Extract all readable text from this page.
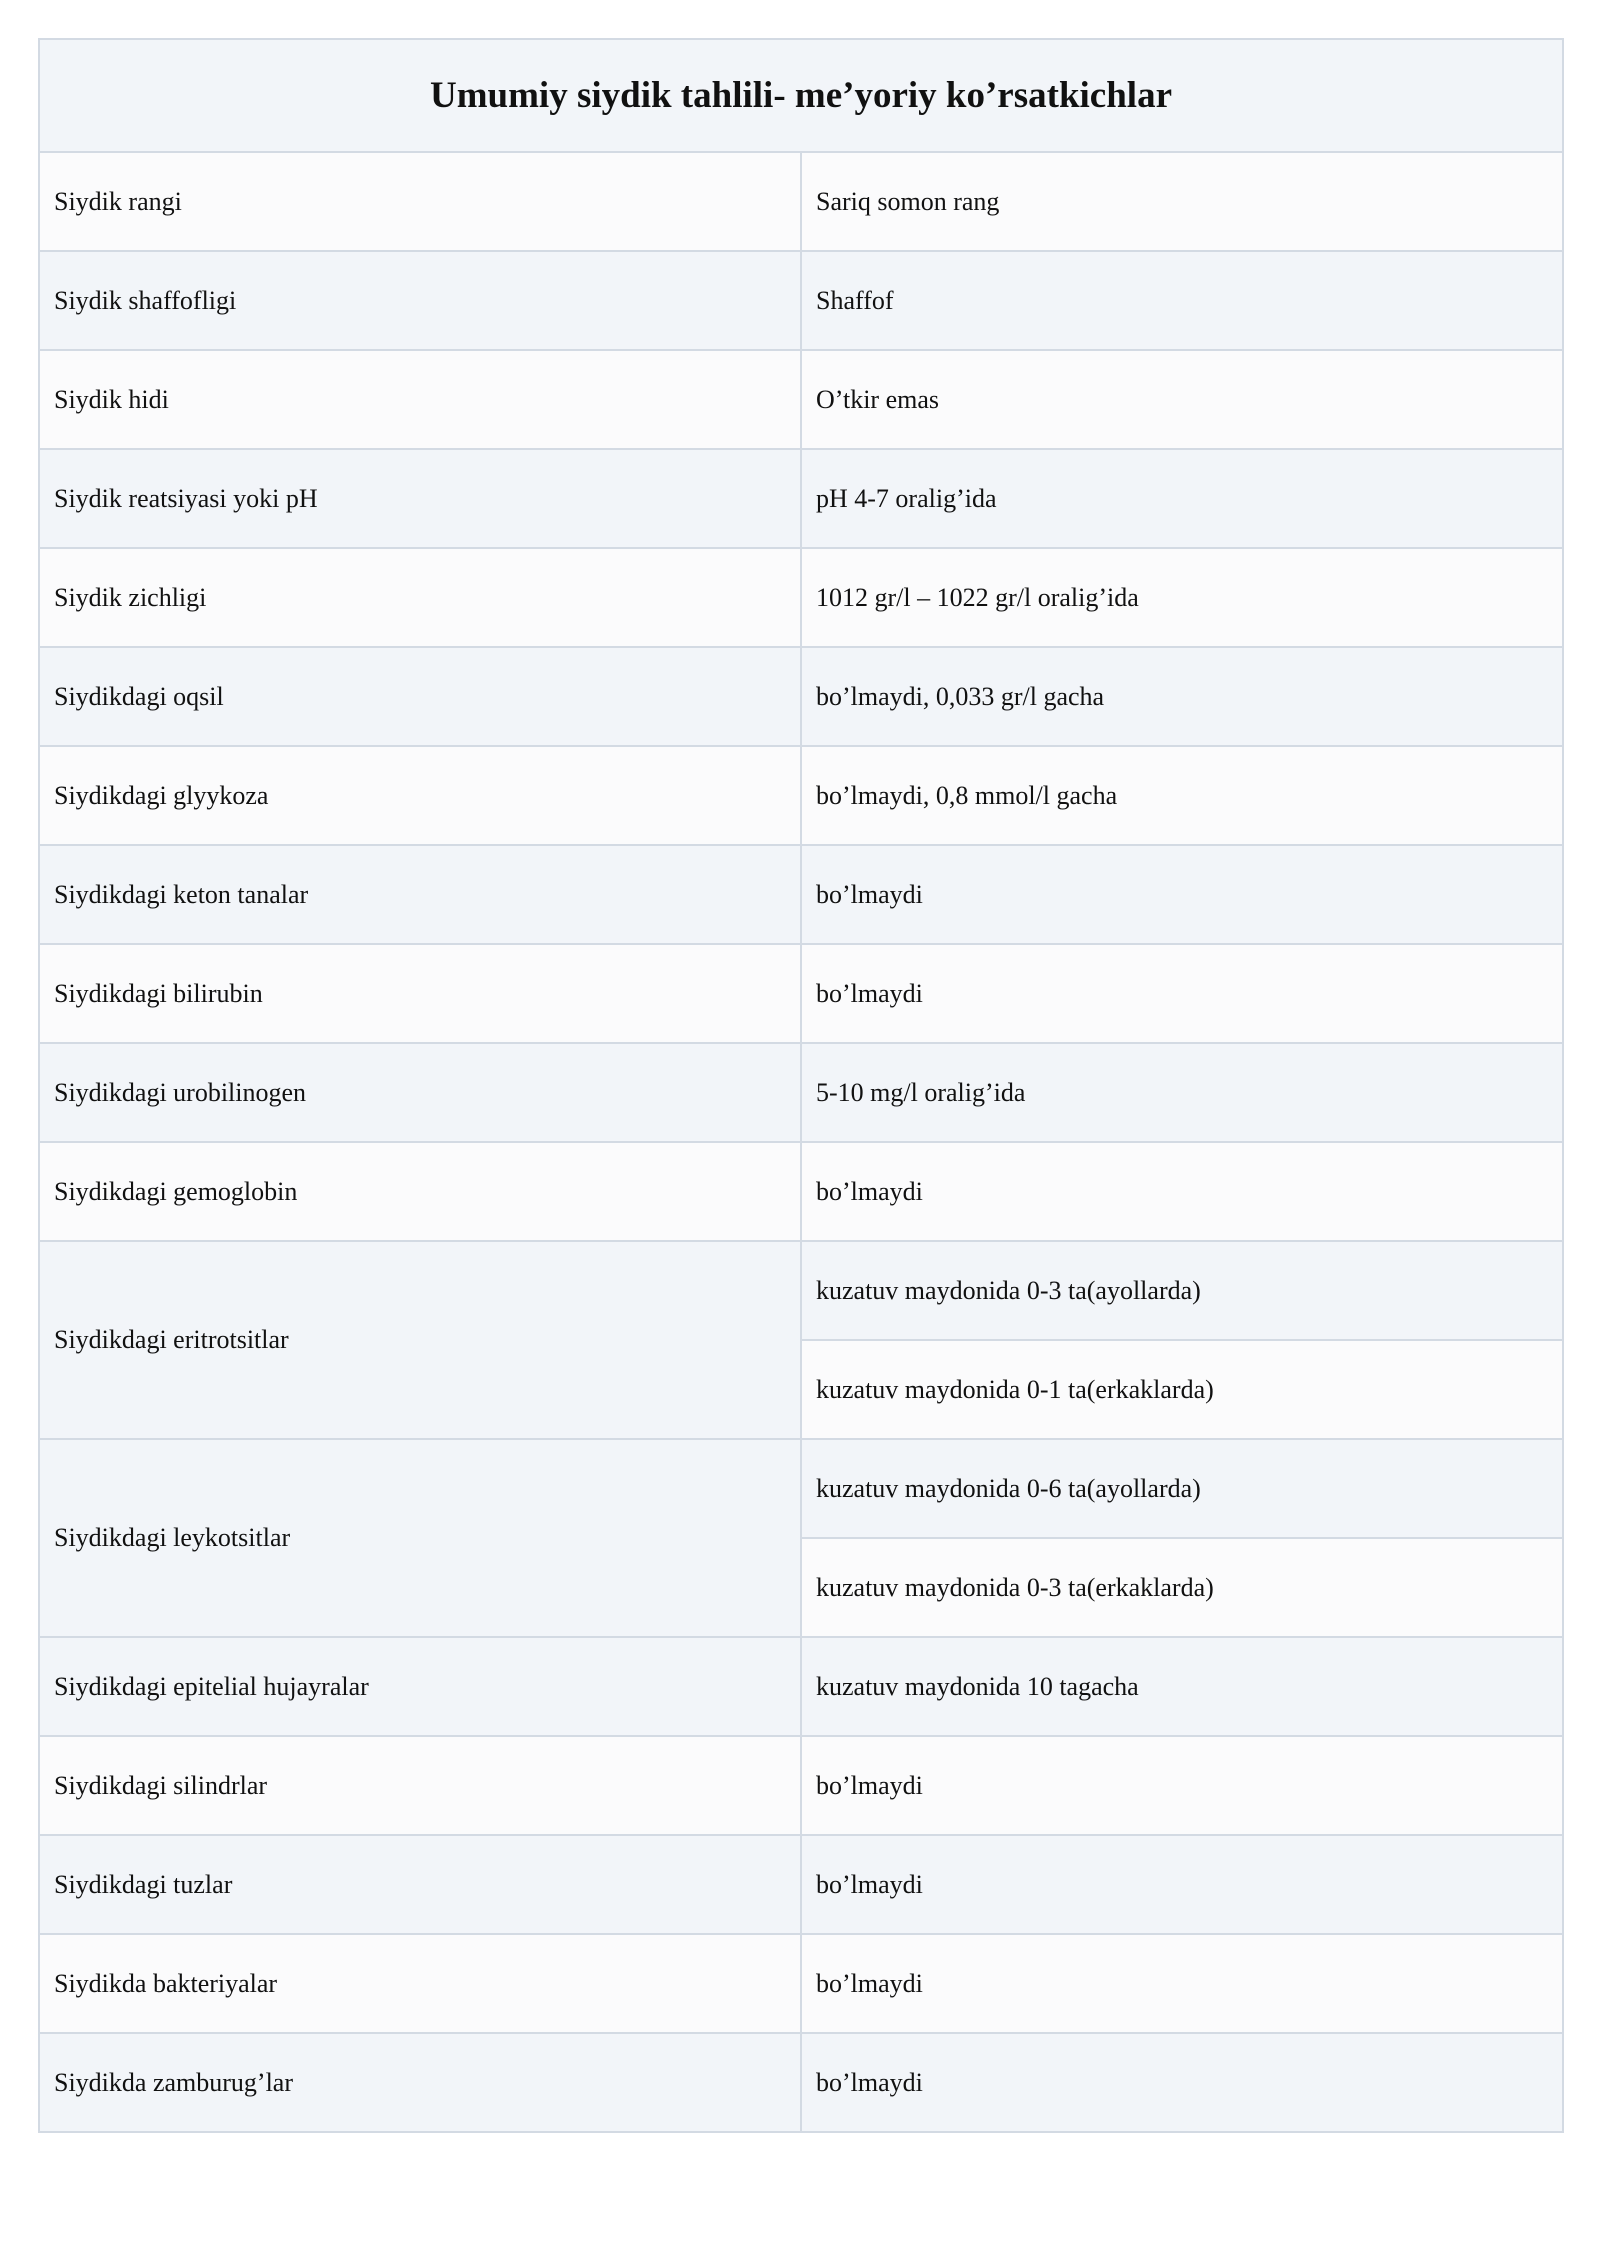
Umumiy siydik tahlili- me’yoriy ko’rsatkichlar	
Siydik rangi	Sariq somon rang
Siydik shaffofligi	Shaffof
Siydik hidi	O’tkir emas
Siydik reatsiyasi yoki pH	pH 4-7 oralig’ida
Siydik zichligi	1012 gr/l – 1022 gr/l oralig’ida
Siydikdagi oqsil	bo’lmaydi, 0,033 gr/l gacha
Siydikdagi glyykoza	bo’lmaydi, 0,8 mmol/l gacha
Siydikdagi keton tanalar	bo’lmaydi
Siydikdagi bilirubin	bo’lmaydi
Siydikdagi urobilinogen	5-10 mg/l oralig’ida
Siydikdagi gemoglobin	bo’lmaydi
Siydikdagi eritrotsitlar	kuzatuv maydonida 0-3 ta(ayollarda)
	kuzatuv maydonida 0-1 ta(erkaklarda)
Siydikdagi leykotsitlar	kuzatuv maydonida 0-6 ta(ayollarda)
	kuzatuv maydonida 0-3 ta(erkaklarda)
Siydikdagi epitelial hujayralar	kuzatuv maydonida 10 tagacha
Siydikdagi silindrlar	bo’lmaydi
Siydikdagi tuzlar	bo’lmaydi
Siydikda bakteriyalar	bo’lmaydi
Siydikda zamburug’lar	bo’lmaydi
